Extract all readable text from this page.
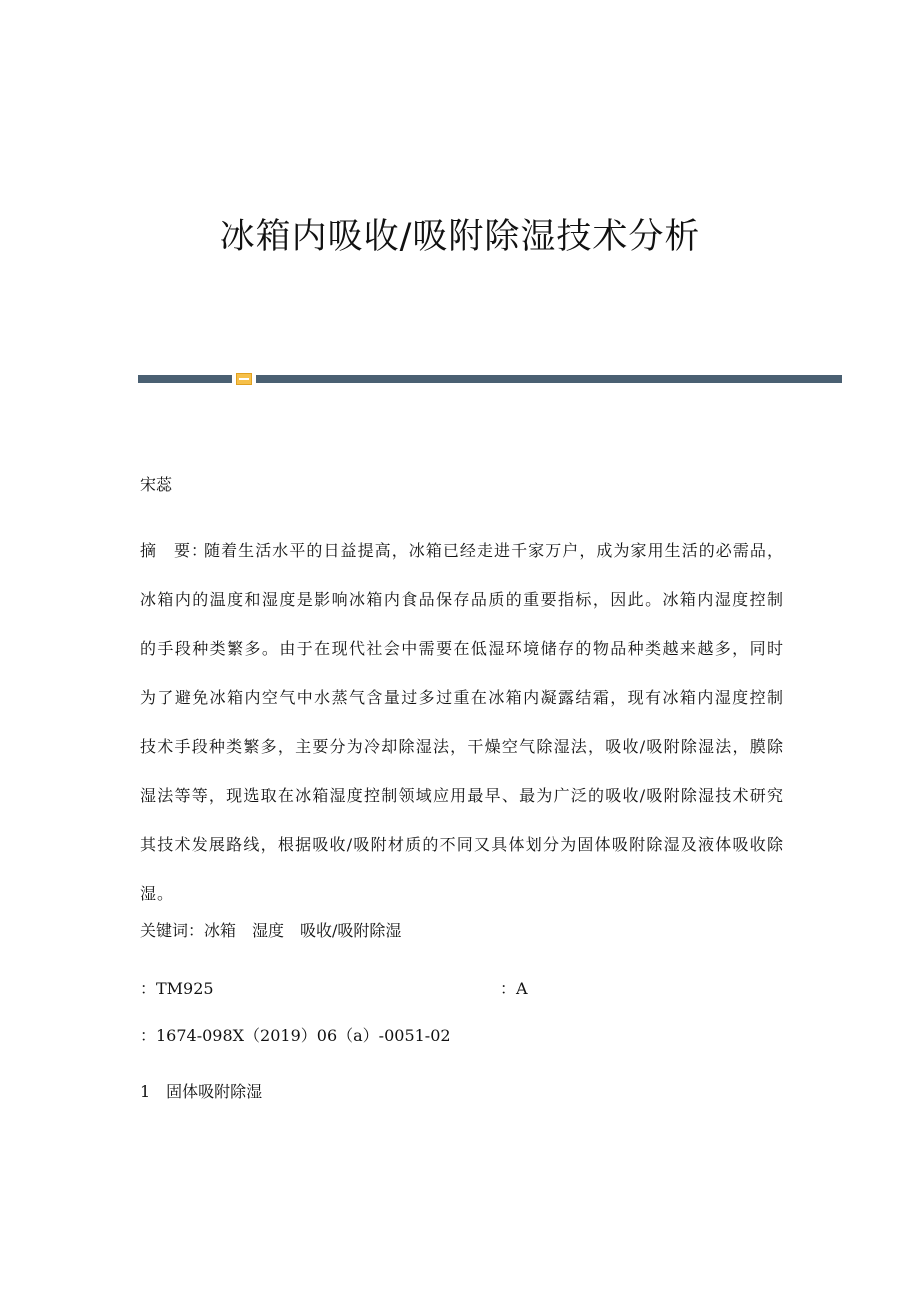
冰箱内吸收/吸附除湿技术分析
宋蕊
摘　要：随着生活水平的日益提高，冰箱已经走进千家万户，成为家用生活的必需品，冰箱内的温度和湿度是影响冰箱内食品保存品质的重要指标，因此。冰箱内湿度控制的手段种类繁多。由于在现代社会中需要在低湿环境储存的物品种类越来越多，同时为了避免冰箱内空气中水蒸气含量过多过重在冰箱内凝露结霜，现有冰箱内湿度控制技术手段种类繁多，主要分为冷却除湿法，干燥空气除湿法，吸收/吸附除湿法，膜除湿法等等，现选取在冰箱湿度控制领域应用最早、最为广泛的吸收/吸附除湿技术研究其技术发展路线，根据吸收/吸附材质的不同又具体划分为固体吸附除湿及液体吸收除湿。
关键词：冰箱　湿度　吸收/吸附除湿
：TM925	：A
：1674-098X（2019）06（a）-0051-02
1　固体吸附除湿
